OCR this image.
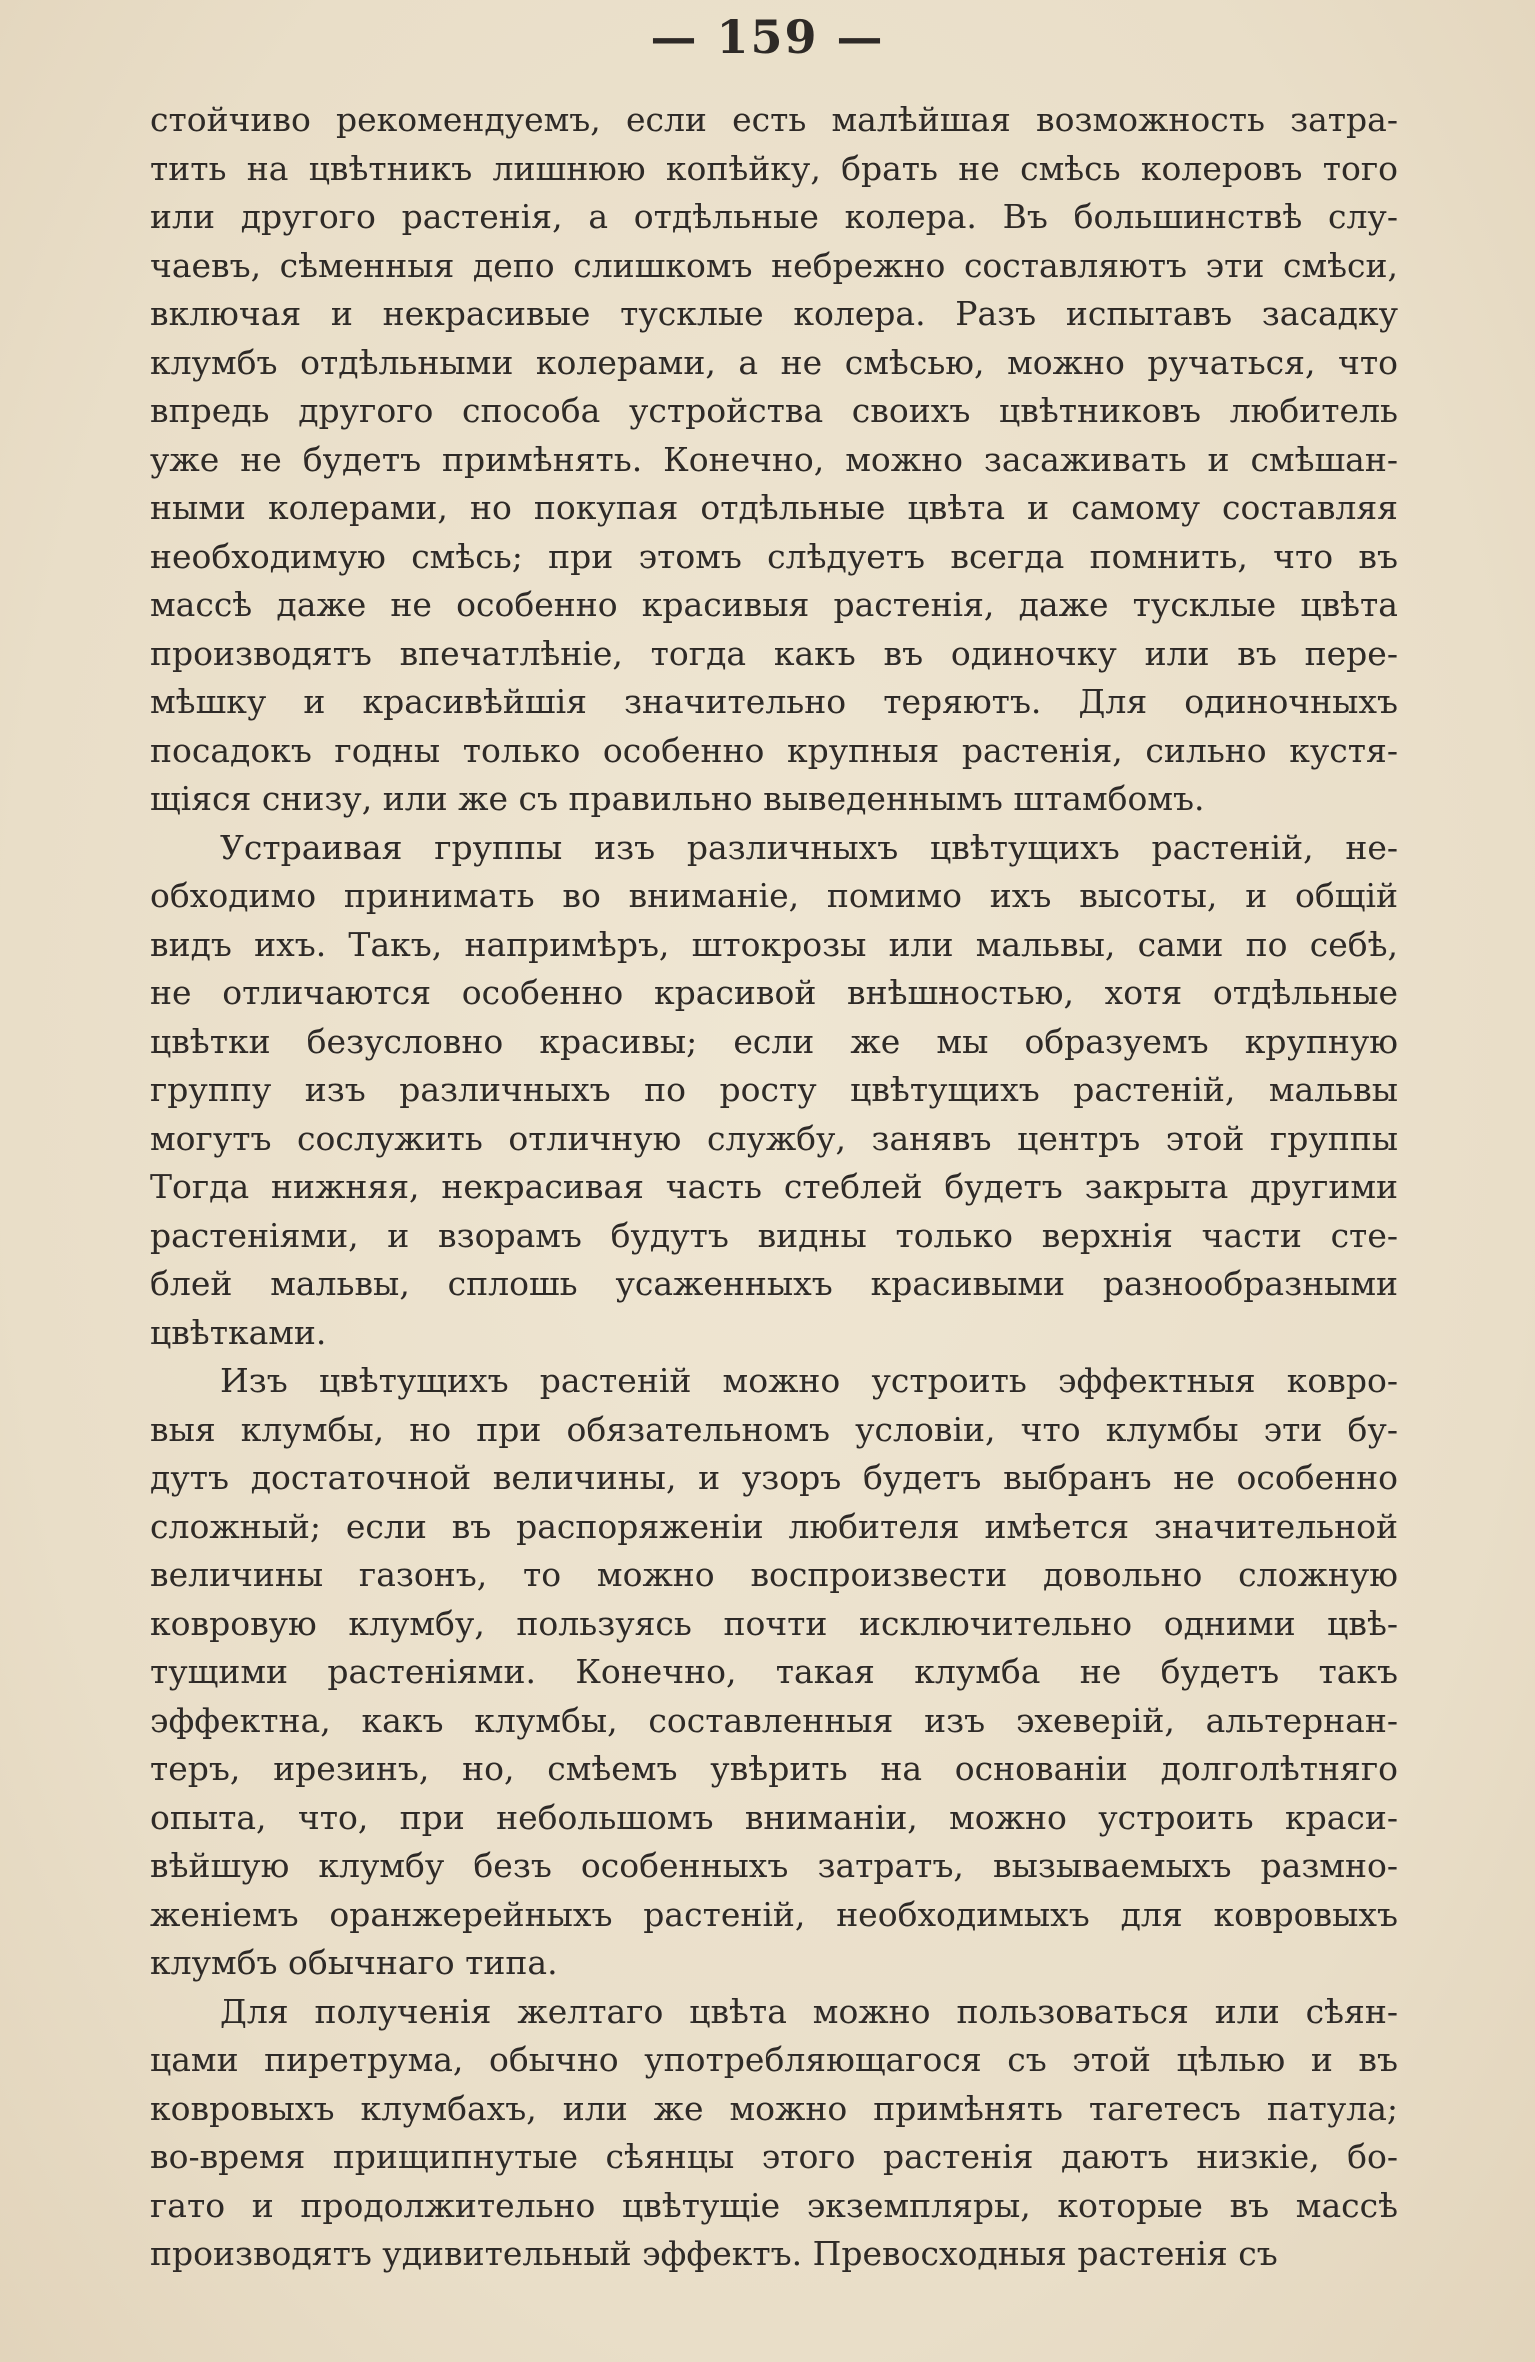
— 159 —
стойчиво рекомендуемъ, если есть малѣйшая возможность затра-
тить на цвѣтникъ лишнюю копѣйку, брать не смѣсь колеровъ того
или другого растенія, а отдѣльные колера. Въ большинствѣ слу-
чаевъ, сѣменныя депо слишкомъ небрежно составляютъ эти смѣси,
включая и некрасивые тусклые колера. Разъ испытавъ засадку
клумбъ отдѣльными колерами, а не смѣсью, можно ручаться, что
впредь другого способа устройства своихъ цвѣтниковъ любитель
уже не будетъ примѣнять. Конечно, можно засаживать и смѣшан-
ными колерами, но покупая отдѣльные цвѣта и самому составляя
необходимую смѣсь; при этомъ слѣдуетъ всегда помнить, что въ
массѣ даже не особенно красивыя растенія, даже тусклые цвѣта
производятъ впечатлѣніе, тогда какъ въ одиночку или въ пере-
мѣшку и красивѣйшія значительно теряютъ. Для одиночныхъ
посадокъ годны только особенно крупныя растенія, сильно кустя-
щіяся снизу, или же съ правильно выведеннымъ штамбомъ.
Устраивая группы изъ различныхъ цвѣтущихъ растеній, не-
обходимо принимать во вниманіе, помимо ихъ высоты, и общій
видъ ихъ. Такъ, напримѣръ, штокрозы или мальвы, сами по себѣ,
не отличаются особенно красивой внѣшностью, хотя отдѣльные
цвѣтки безусловно красивы; если же мы образуемъ крупную
группу изъ различныхъ по росту цвѣтущихъ растеній, мальвы
могутъ сослужить отличную службу, занявъ центръ этой группы
Тогда нижняя, некрасивая часть стеблей будетъ закрыта другими
растеніями, и взорамъ будутъ видны только верхнія части сте-
блей мальвы, сплошь усаженныхъ красивыми разнообразными
цвѣтками.
Изъ цвѣтущихъ растеній можно устроить эффектныя ковро-
выя клумбы, но при обязательномъ условіи, что клумбы эти бу-
дутъ достаточной величины, и узоръ будетъ выбранъ не особенно
сложный; если въ распоряженіи любителя имѣется значительной
величины газонъ, то можно воспроизвести довольно сложную
ковровую клумбу, пользуясь почти исключительно одними цвѣ-
тущими растеніями. Конечно, такая клумба не будетъ такъ
эффектна, какъ клумбы, составленныя изъ эхеверій, альтернан-
теръ, ирезинъ, но, смѣемъ увѣрить на основаніи долголѣтняго
опыта, что, при небольшомъ вниманіи, можно устроить краси-
вѣйшую клумбу безъ особенныхъ затратъ, вызываемыхъ размно-
женіемъ оранжерейныхъ растеній, необходимыхъ для ковровыхъ
клумбъ обычнаго типа.
Для полученія желтаго цвѣта можно пользоваться или сѣян-
цами пиретрума, обычно употребляющагося съ этой цѣлью и въ
ковровыхъ клумбахъ, или же можно примѣнять тагетесъ патула;
во-время прищипнутые сѣянцы этого растенія даютъ низкіе, бо-
гато и продолжительно цвѣтущіе экземпляры, которые въ массѣ
производятъ удивительный эффектъ. Превосходныя растенія съ
